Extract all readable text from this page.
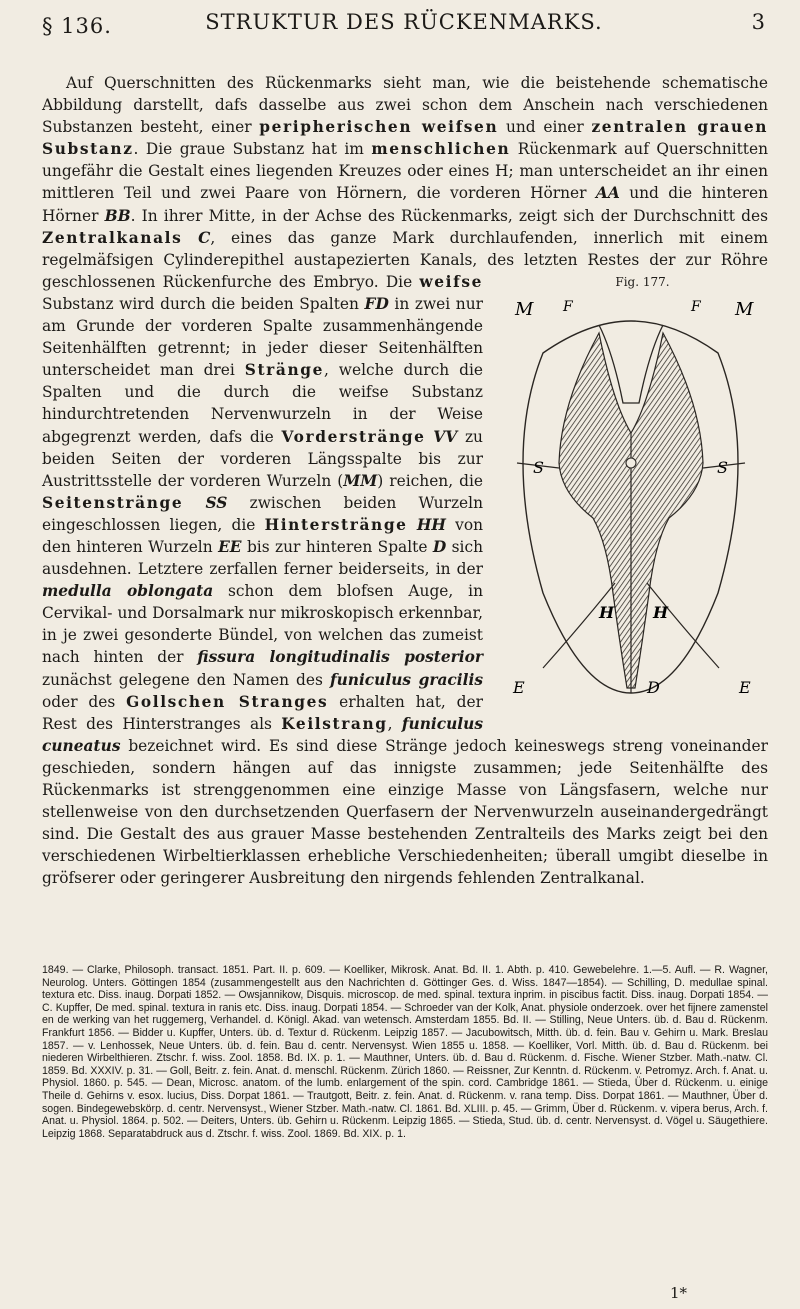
§ 136.	STRUKTUR DES RÜCKENMARKS.	3

Auf Querschnitten des Rückenmarks sieht man, wie die beistehende schematische Abbildung darstellt, dafs dasselbe aus zwei schon dem Anschein nach verschiedenen Substanzen besteht, einer peripherischen weifsen und einer zentralen grauen Substanz. Die graue Substanz hat im menschlichen Rückenmark auf Querschnitten ungefähr die Gestalt eines liegenden Kreuzes oder eines H; man unterscheidet an ihr einen mittleren Teil und zwei Paare von Hörnern, die vorderen Hörner AA und die hinteren Hörner BB. In ihrer Mitte, in der Achse des Rückenmarks, zeigt sich der Durchschnitt des Zentralkanals C, eines das ganze Mark durchlaufenden, innerlich mit einem regelmäfsigen Cylinderepithel austapezierten Kanals, des letzten Restes der zur Röhre geschlossenen Rückenfurche des Embryo. Die	Fig. 177.
M	M
F	F
S	S
H H
E	E
D
weifse Substanz wird durch die beiden Spalten FD in zwei nur am Grunde der vorderen Spalte zusammenhängende Seitenhälften getrennt; in jeder dieser Seitenhälften unterscheidet man drei Stränge, welche durch die Spalten und die durch die weifse Substanz hindurchtretenden Nervenwurzeln in der Weise abgegrenzt werden, dafs die Vorderstränge VV zu beiden Seiten der vorderen Längsspalte bis zur Austrittsstelle der vorderen Wurzeln (MM) reichen, die Seitenstränge SS zwischen beiden Wurzeln eingeschlossen liegen, die Hinterstränge HH von den hinteren Wurzeln EE bis zur hinteren Spalte D sich ausdehnen. Letztere zerfallen ferner beiderseits, in der medulla oblongata schon dem blofsen Auge, in Cervikal- und Dorsalmark nur mikroskopisch erkennbar, in je zwei gesonderte Bündel, von welchen das zumeist nach hinten der fissura longitudinalis posterior zunächst gelegene den Namen des funiculus gracilis oder des Gollschen Stranges erhalten hat, der Rest des Hinterstranges als Keilstrang, funiculus cuneatus bezeichnet wird. Es sind diese Stränge jedoch keineswegs streng voneinander geschieden, sondern hängen auf das innigste zusammen; jede Seitenhälfte des Rückenmarks ist strenggenommen eine einzige Masse von Längsfasern, welche nur stellenweise von den durchsetzenden Querfasern der Nervenwurzeln auseinandergedrängt sind. Die Gestalt des aus grauer Masse bestehenden Zentralteils des Marks zeigt bei den verschiedenen Wirbeltierklassen erhebliche Verschiedenheiten; überall umgibt dieselbe in gröfserer oder geringerer Ausbreitung den nirgends fehlenden Zentralkanal.

1849. — Clarke, Philosoph. transact. 1851. Part. II. p. 609. — Koelliker, Mikrosk. Anat. Bd. II. 1. Abth. p. 410. Gewebelehre. 1.—5. Aufl. — R. Wagner, Neurolog. Unters. Göttingen 1854 (zusammengestellt aus den Nachrichten d. Göttinger Ges. d. Wiss. 1847—1854). — Schilling, D. medullae spinal. textura etc. Diss. inaug. Dorpati 1852. — Owsjannikow, Disquis. microscop. de med. spinal. textura inprim. in piscibus factit. Diss. inaug. Dorpati 1854. — C. Kupffer, De med. spinal. textura in ranis etc. Diss. inaug. Dorpati 1854. — Schroeder van der Kolk, Anat. physiole onderzoek. over het fijnere zamenstel en de werking van het ruggemerg, Verhandel. d. Königl. Akad. van wetensch. Amsterdam 1855. Bd. II. — Stilling, Neue Unters. üb. d. Bau d. Rückenm. Frankfurt 1856. — Bidder u. Kupffer, Unters. üb. d. Textur d. Rückenm. Leipzig 1857. — Jacubowitsch, Mitth. üb. d. fein. Bau v. Gehirn u. Mark. Breslau 1857. — v. Lenhossek, Neue Unters. üb. d. fein. Bau d. centr. Nervensyst. Wien 1855 u. 1858. — Koelliker, Vorl. Mitth. üb. d. Bau d. Rückenm. bei niederen Wirbelthieren. Ztschr. f. wiss. Zool. 1858. Bd. IX. p. 1. — Mauthner, Unters. üb. d. Bau d. Rückenm. d. Fische. Wiener Stzber. Math.-natw. Cl. 1859. Bd. XXXIV. p. 31. — Goll, Beitr. z. fein. Anat. d. menschl. Rückenm. Zürich 1860. — Reissner, Zur Kenntn. d. Rückenm. v. Petromyz. Arch. f. Anat. u. Physiol. 1860. p. 545. — Dean, Microsc. anatom. of the lumb. enlargement of the spin. cord. Cambridge 1861. — Stieda, Über d. Rückenm. u. einige Theile d. Gehirns v. esox. lucius, Diss. Dorpat 1861. — Trautgott, Beitr. z. fein. Anat. d. Rückenm. v. rana temp. Diss. Dorpat 1861. — Mauthner, Über d. sogen. Bindegewebskörp. d. centr. Nervensyst., Wiener Stzber. Math.-natw. Cl. 1861. Bd. XLIII. p. 45. — Grimm, Über d. Rückenm. v. vipera berus, Arch. f. Anat. u. Physiol. 1864. p. 502. — Deiters, Unters. üb. Gehirn u. Rückenm. Leipzig 1865. — Stieda, Stud. üb. d. centr. Nervensyst. d. Vögel u. Säugethiere. Leipzig 1868. Separatabdruck aus d. Ztschr. f. wiss. Zool. 1869. Bd. XIX. p. 1.

1*
